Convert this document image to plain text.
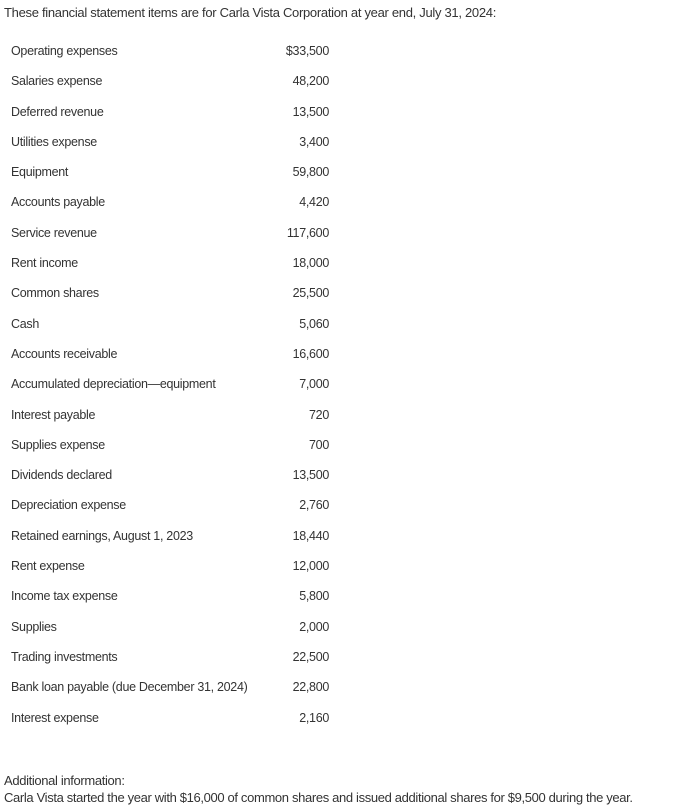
These financial statement items are for Carla Vista Corporation at year end, July 31, 2024:
Operating expenses	$33,500
Salaries expense	48,200
Deferred revenue	13,500
Utilities expense	3,400
Equipment	59,800
Accounts payable	4,420
Service revenue	117,600
Rent income	18,000
Common shares	25,500
Cash	5,060
Accounts receivable	16,600
Accumulated depreciation—equipment	7,000
Interest payable	720
Supplies expense	700
Dividends declared	13,500
Depreciation expense	2,760
Retained earnings, August 1, 2023	18,440
Rent expense	12,000
Income tax expense	5,800
Supplies	2,000
Trading investments	22,500
Bank loan payable (due December 31, 2024)	22,800
Interest expense	2,160
Additional information:
Carla Vista started the year with $16,000 of common shares and issued additional shares for $9,500 during the year.
